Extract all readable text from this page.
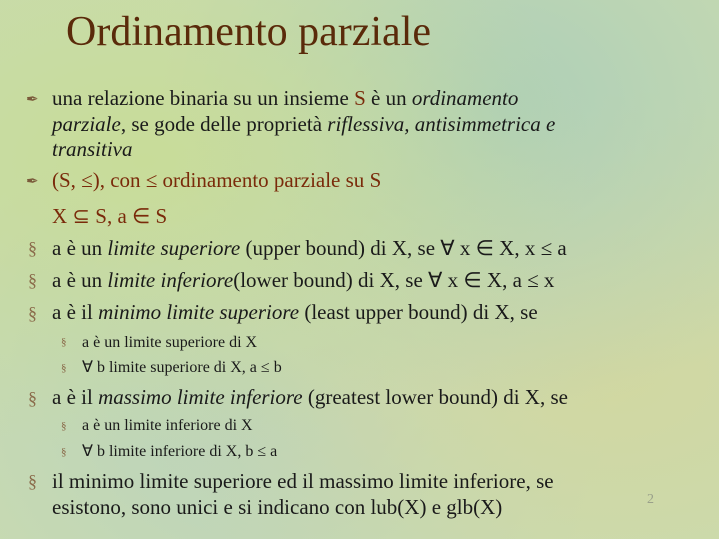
Ordinamento parziale
✒ una relazione binaria su un insieme S è un ordinamento
parziale, se gode delle proprietà riflessiva, antisimmetrica e
transitiva
✒ (S, ≤), con ≤ ordinamento parziale su S
X ⊆ S, a ∈ S
§ a è un limite superiore (upper bound) di X, se ∀ x ∈ X, x ≤ a
§ a è un limite inferiore(lower bound) di X, se ∀ x ∈ X, a ≤ x
§ a è il minimo limite superiore (least upper bound) di X, se
§ a è un limite superiore di X
§ ∀ b limite superiore di X, a ≤ b
§ a è il massimo limite inferiore (greatest lower bound) di X, se
§ a è un limite inferiore di X
§ ∀ b limite inferiore di X, b ≤ a
§ il minimo limite superiore ed il massimo limite inferiore, se
esistono, sono unici e si indicano con lub(X) e glb(X)	2
